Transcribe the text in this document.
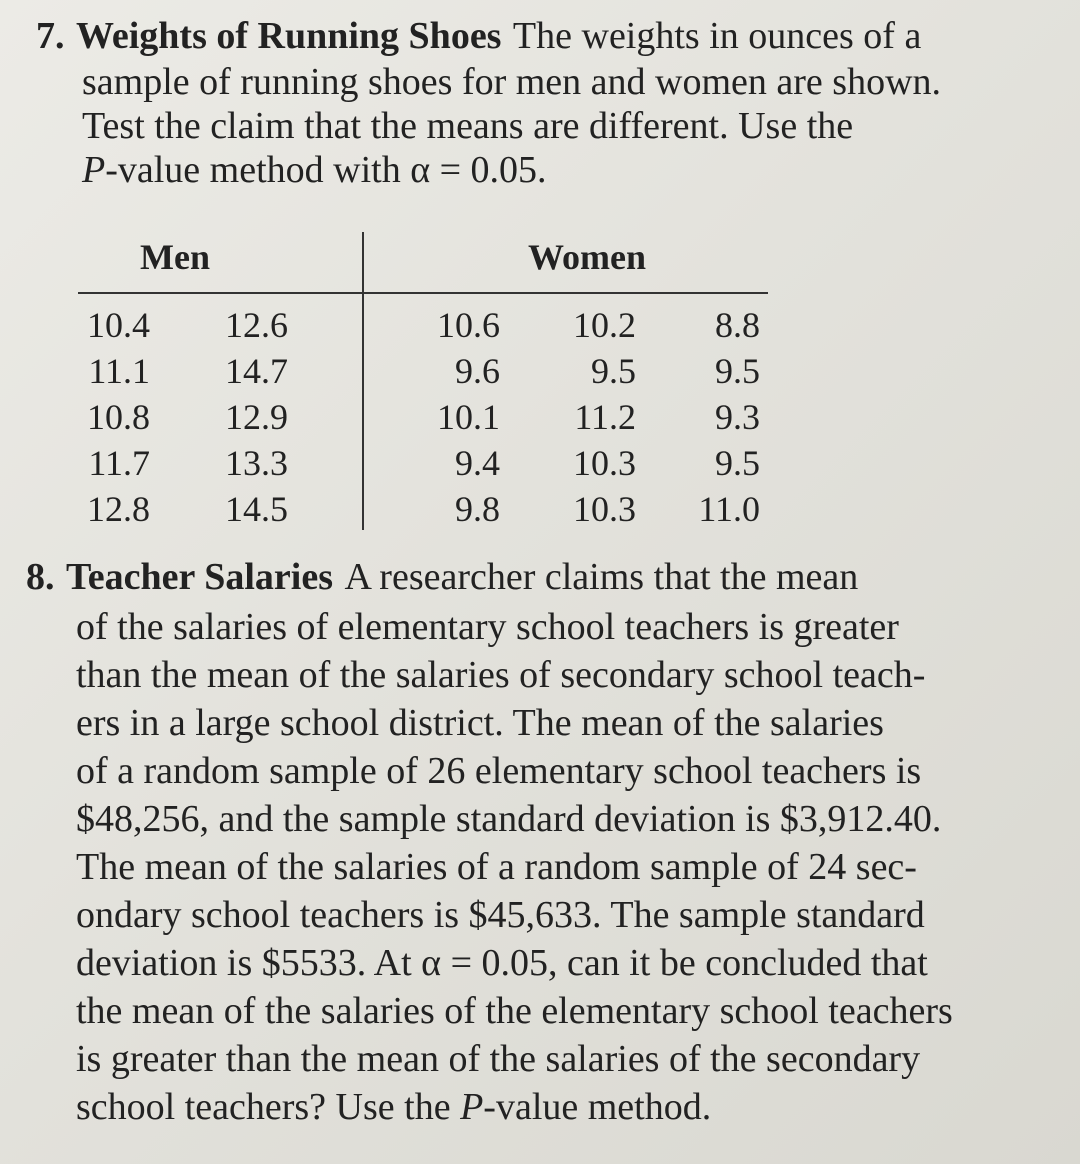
7. Weights of Running Shoes The weights in ounces of a
sample of running shoes for men and women are shown.
Test the claim that the means are different. Use the
P-value method with α = 0.05.
Men	Women
10.4
11.1
10.8
11.7
12.8
12.6
14.7
12.9
13.3
14.5
10.6
9.6
10.1
9.4
9.8
10.2
9.5
11.2
10.3
10.3
8.8
9.5
9.3
9.5
11.0
8. Teacher Salaries A researcher claims that the mean
of the salaries of elementary school teachers is greater
than the mean of the salaries of secondary school teach-
ers in a large school district. The mean of the salaries
of a random sample of 26 elementary school teachers is
$48,256, and the sample standard deviation is $3,912.40.
The mean of the salaries of a random sample of 24 sec-
ondary school teachers is $45,633. The sample standard
deviation is $5533. At α = 0.05, can it be concluded that
the mean of the salaries of the elementary school teachers
is greater than the mean of the salaries of the secondary
school teachers? Use the P-value method.
